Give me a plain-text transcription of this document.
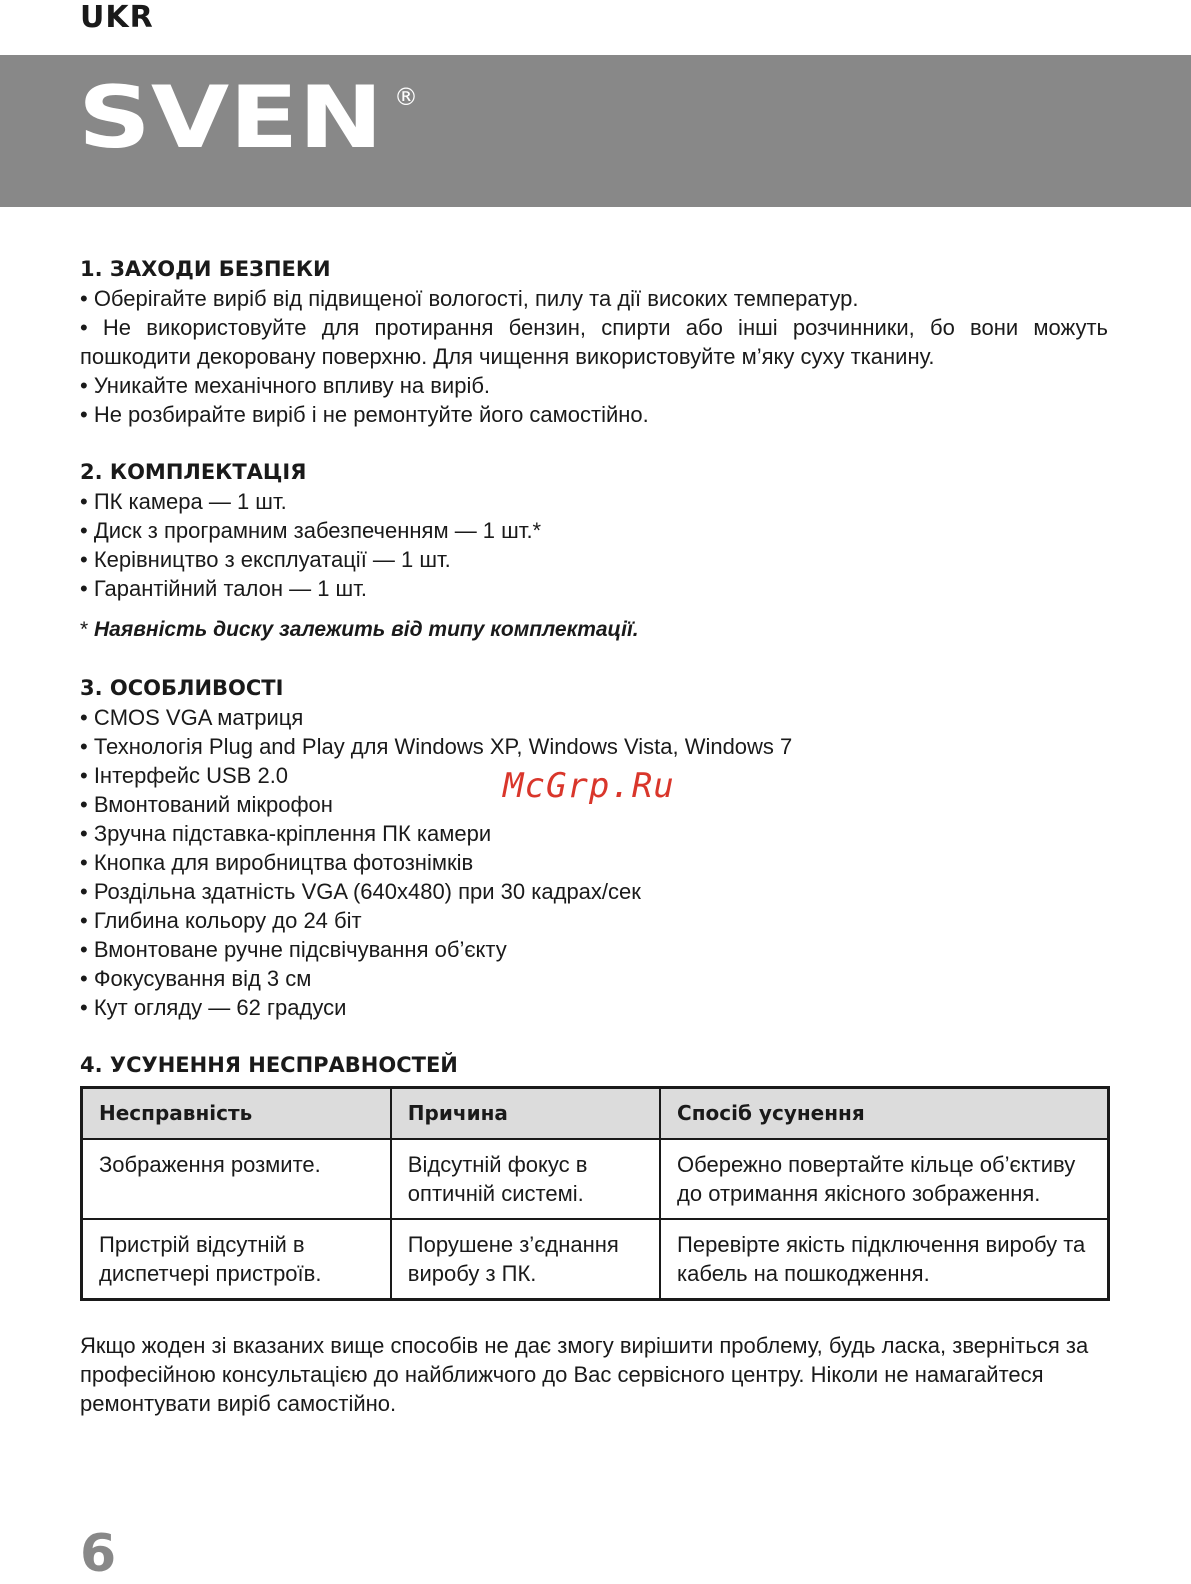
UKR
SVEN ®
1. ЗАХОДИ БЕЗПЕКИ

• Оберігайте виріб від підвищеної вологості, пилу та дії високих температур.

• Не використовуйте для протирання бензин, спирти або інші розчинники, бо вони можуть пошкодити декоровану поверхню. Для чищення використовуйте м’яку суху тканину.

• Уникайте механічного впливу на виріб.

• Не розбирайте виріб і не ремонтуйте його самостійно.

2. КОМПЛЕКТАЦІЯ

• ПК камера — 1 шт.

• Диск з програмним забезпеченням — 1 шт.*

• Керівництво з експлуатації — 1 шт.

• Гарантійний талон — 1 шт.

* Наявність диску залежить від типу комплектації.

3. ОСОБЛИВОСТІ

• CMOS VGA матриця

• Технологія Plug and Play для Windows XP, Windows Vista, Windows 7

• Інтерфейс USB 2.0

• Вмонтований мікрофон

• Зручна підставка-кріплення ПК камери

• Кнопка для виробництва фотознімків

• Роздільна здатність VGA (640x480) при 30 кадрах/сек

• Глибина кольору до 24 біт

• Вмонтоване ручне підсвічування об’єкту

• Фокусування від 3 см

• Кут огляду — 62 градуси

4. УСУНЕННЯ НЕСПРАВНОСТЕЙ
Несправність	Причина	Спосіб усунення
Зображення розмите.	Відсутній фокус в оптичній системі.	Обережно повертайте кільце об’єктиву до отримання якісного зображення.
Пристрій відсутній в диспетчері пристроїв.	Порушене з’єднання виробу з ПК.	Перевірте якість підключення виробу та кабель на пошкодження.

Якщо жоден зі вказаних вище способів не дає змогу вирішити проблему, будь ласка, зверніться за професійною консультацією до найближчого до Вас сервісного центру. Ніколи не намагайтеся ремонтувати виріб самостійно.

McGrp.Ru
6
